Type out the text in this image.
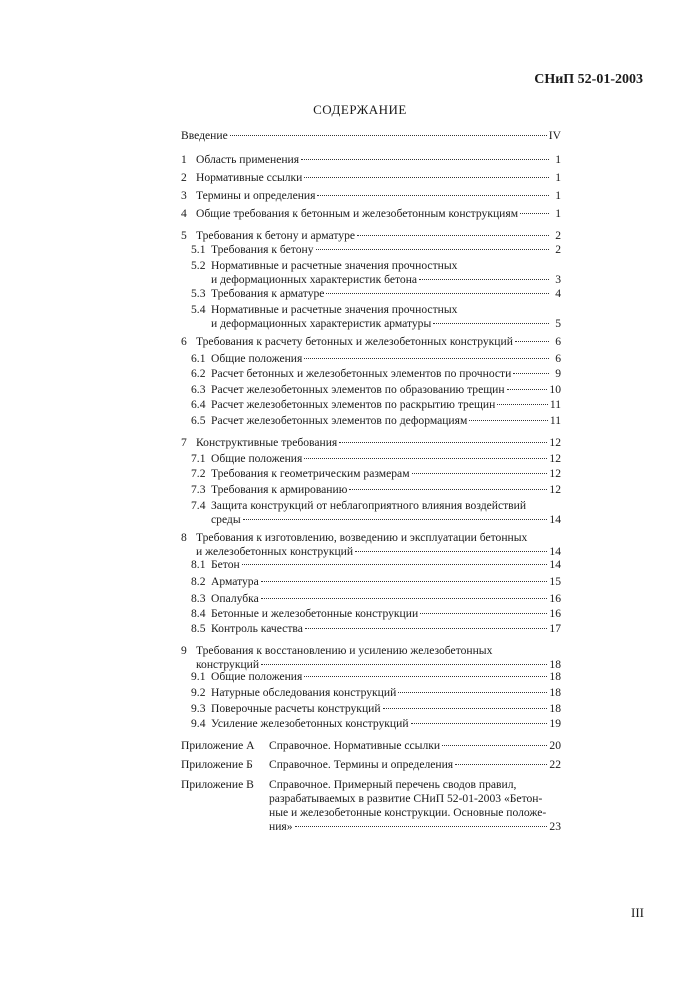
СНиП 52-01-2003
СОДЕРЖАНИЕ
Введение	IV
1 Область применения	1
2 Нормативные ссылки	1
3 Термины и определения	1
4 Общие требования к бетонным и железобетонным конструкциям	1
5 Требования к бетону и арматуре	2
5.1 Требования к бетону	2
5.2 Нормативные и расчетные значения прочностных
и деформационных характеристик бетона	3
5.3 Требования к арматуре	4
5.4 Нормативные и расчетные значения прочностных
и деформационных характеристик арматуры	5
6 Требования к расчету бетонных и железобетонных конструкций	6
6.1 Общие положения	6
6.2 Расчет бетонных и железобетонных элементов по прочности	9
6.3 Расчет железобетонных элементов по образованию трещин	10
6.4 Расчет железобетонных элементов по раскрытию трещин	11
6.5 Расчет железобетонных элементов по деформациям	11
7 Конструктивные требования	12
7.1 Общие положения	12
7.2 Требования к геометрическим размерам	12
7.3 Требования к армированию	12
7.4 Защита конструкций от неблагоприятного влияния воздействий
среды	14
8 Требования к изготовлению, возведению и эксплуатации бетонных
и железобетонных конструкций	14
8.1 Бетон	14
8.2 Арматура	15
8.3 Опалубка	16
8.4 Бетонные и железобетонные конструкции	16
8.5 Контроль качества	17
9 Требования к восстановлению и усилению железобетонных
конструкций	18
9.1 Общие положения	18
9.2 Натурные обследования конструкций	18
9.3 Поверочные расчеты конструкций	18
9.4 Усиление железобетонных конструкций	19
Приложение А Справочное. Нормативные ссылки	20
Приложение Б Справочное. Термины и определения	22
Приложение В Справочное. Примерный перечень сводов правил,
разрабатываемых в развитие СНиП 52-01-2003 «Бетон-
ные и железобетонные конструкции. Основные положе-
ния»	23
III
